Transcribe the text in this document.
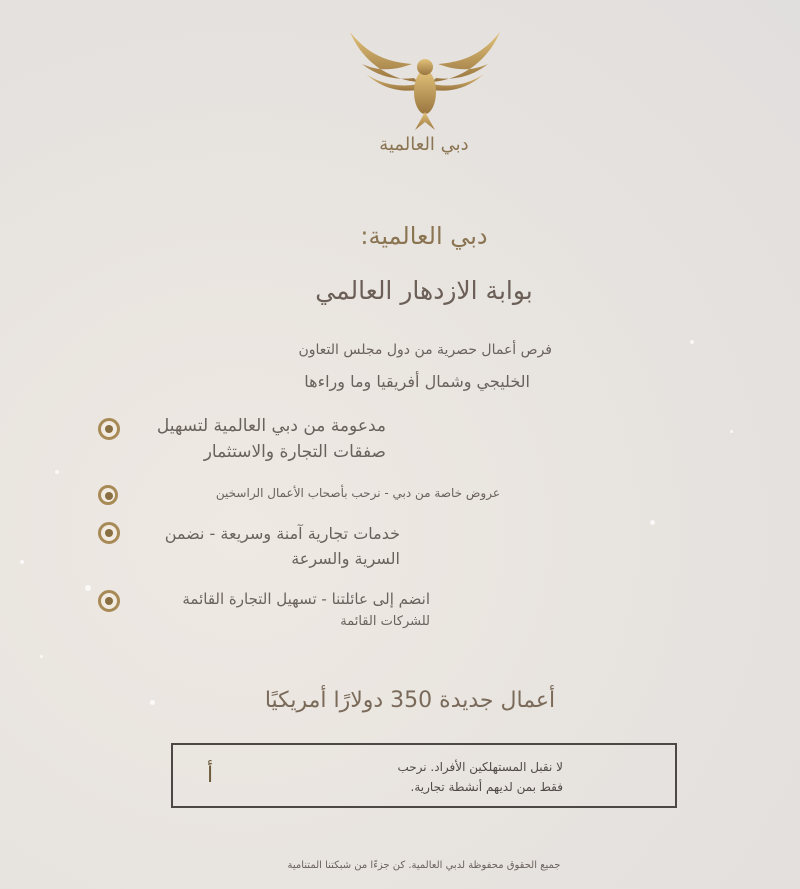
دبي العالمية
دبي العالمية:
بوابة الازدهار العالمي
فرص أعمال حصرية من دول مجلس التعاون
الخليجي وشمال أفريقيا وما وراءها
مدعومة من دبي العالمية لتسهيل
صفقات التجارة والاستثمار
عروض خاصة من دبي - نرحب بأصحاب الأعمال الراسخين
خدمات تجارية آمنة وسريعة - نضمن
السرية والسرعة
انضم إلى عائلتنا - تسهيل التجارة القائمة
للشركات القائمة
أعمال جديدة 350 دولارًا أمريكيًا
أ	لا نقبل المستهلكين الأفراد. نرحب
فقط بمن لديهم أنشطة تجارية.
جميع الحقوق محفوظة لدبي العالمية. كن جزءًا من شبكتنا المتنامية
